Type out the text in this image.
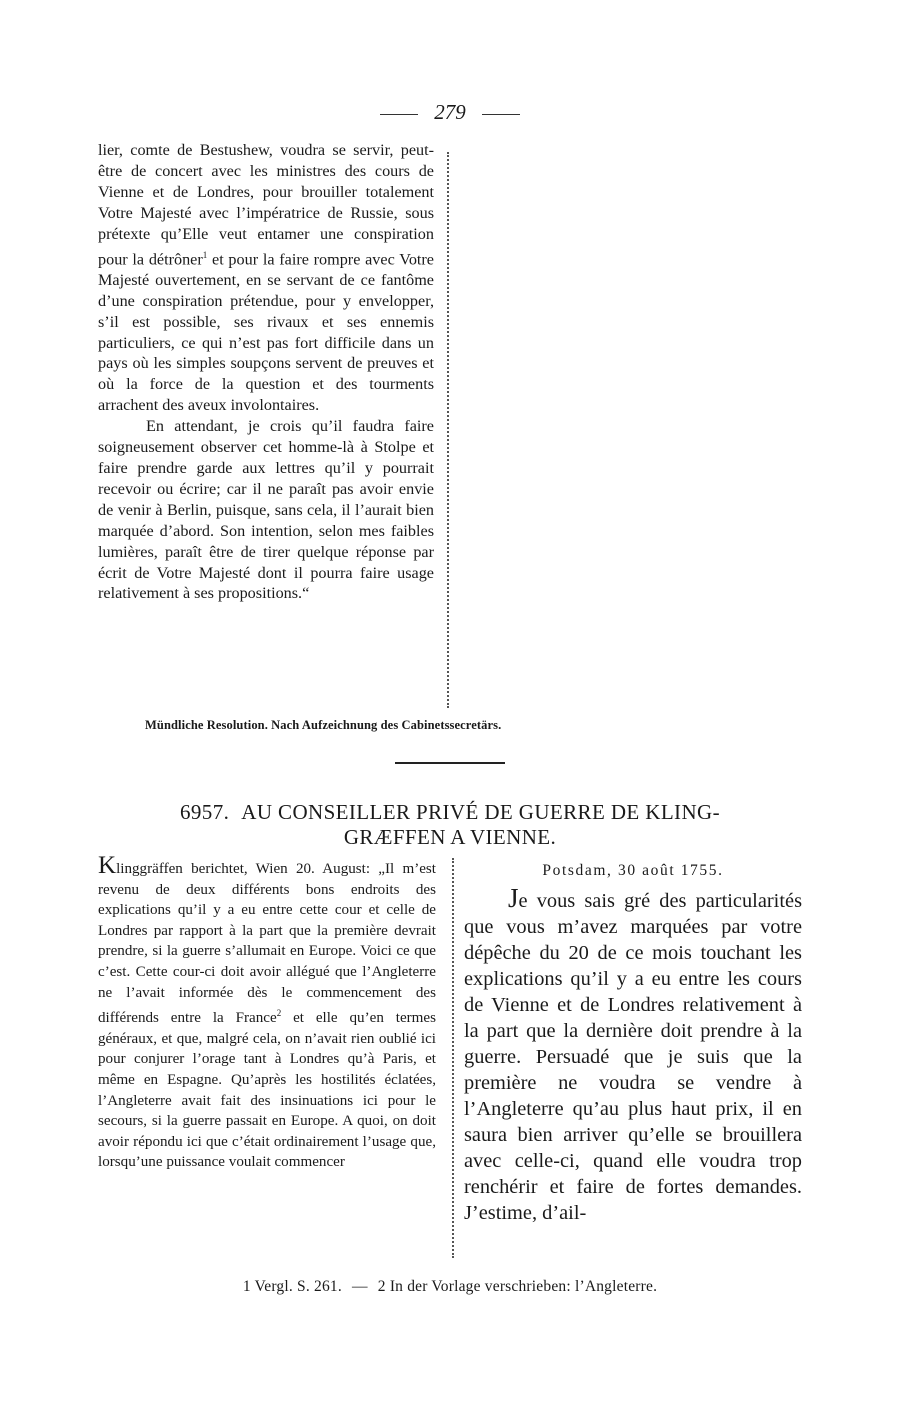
279

lier, comte de Bestushew, voudra se servir, peut-être de concert avec les ministres des cours de Vienne et de Londres, pour brouiller totalement Votre Majesté avec l’impératrice de Russie, sous prétexte qu’Elle veut entamer une conspiration pour la détrôner$^1$ et pour la faire rompre avec Votre Majesté ouvertement, en se servant de ce fantôme d’une conspiration prétendue, pour y envelopper, s’il est possible, ses rivaux et ses ennemis particuliers, ce qui n’est pas fort difficile dans un pays où les simples soupçons servent de preuves et où la force de la question et des tourments arrachent des aveux involontaires.

En attendant, je crois qu’il faudra faire soigneusement observer cet homme-là à Stolpe et faire prendre garde aux lettres qu’il y pourrait recevoir ou écrire; car il ne paraît pas avoir envie de venir à Berlin, puisque, sans cela, il l’aurait bien marquée d’abord. Son intention, selon mes faibles lumières, paraît être de tirer quelque réponse par écrit de Votre Majesté dont il pourra faire usage relativement à ses propositions.“

Mündliche Resolution. Nach Aufzeichnung des Cabinetssecretärs.
6957. AU CONSEILLER PRIVÉ DE GUERRE DE KLING-GRÆFFEN A VIENNE.

Klinggräffen berichtet, Wien 20. August: „Il m’est revenu de deux différents bons endroits des explications qu’il y a eu entre cette cour et celle de Londres par rapport à la part que la première devrait prendre, si la guerre s’allumait en Europe. Voici ce que c’est. Cette cour-ci doit avoir allégué que l’Angleterre ne l’avait informée dès le commencement des différends entre la France$^2$ et elle qu’en termes généraux, et que, malgré cela, on n’avait rien oublié ici pour conjurer l’orage tant à Londres qu’à Paris, et même en Espagne. Qu’après les hostilités éclatées, l’Angleterre avait fait des insinuations ici pour le secours, si la guerre passait en Europe. A quoi, on doit avoir répondu ici que c’était ordinairement l’usage que, lorsqu’une puissance voulait commencer

Potsdam, 30 août 1755.

Je vous sais gré des particularités que vous m’avez marquées par votre dépêche du 20 de ce mois touchant les explications qu’il y a eu entre les cours de Vienne et de Londres relativement à la part que la dernière doit prendre à la guerre. Persuadé que je suis que la première ne voudra se vendre à l’Angleterre qu’au plus haut prix, il en saura bien arriver qu’elle se brouillera avec celle-ci, quand elle voudra trop renchérir et faire de fortes demandes. J’estime, d’ail-

1 Vergl. S. 261. — 2 In der Vorlage verschrieben: l’Angleterre.
